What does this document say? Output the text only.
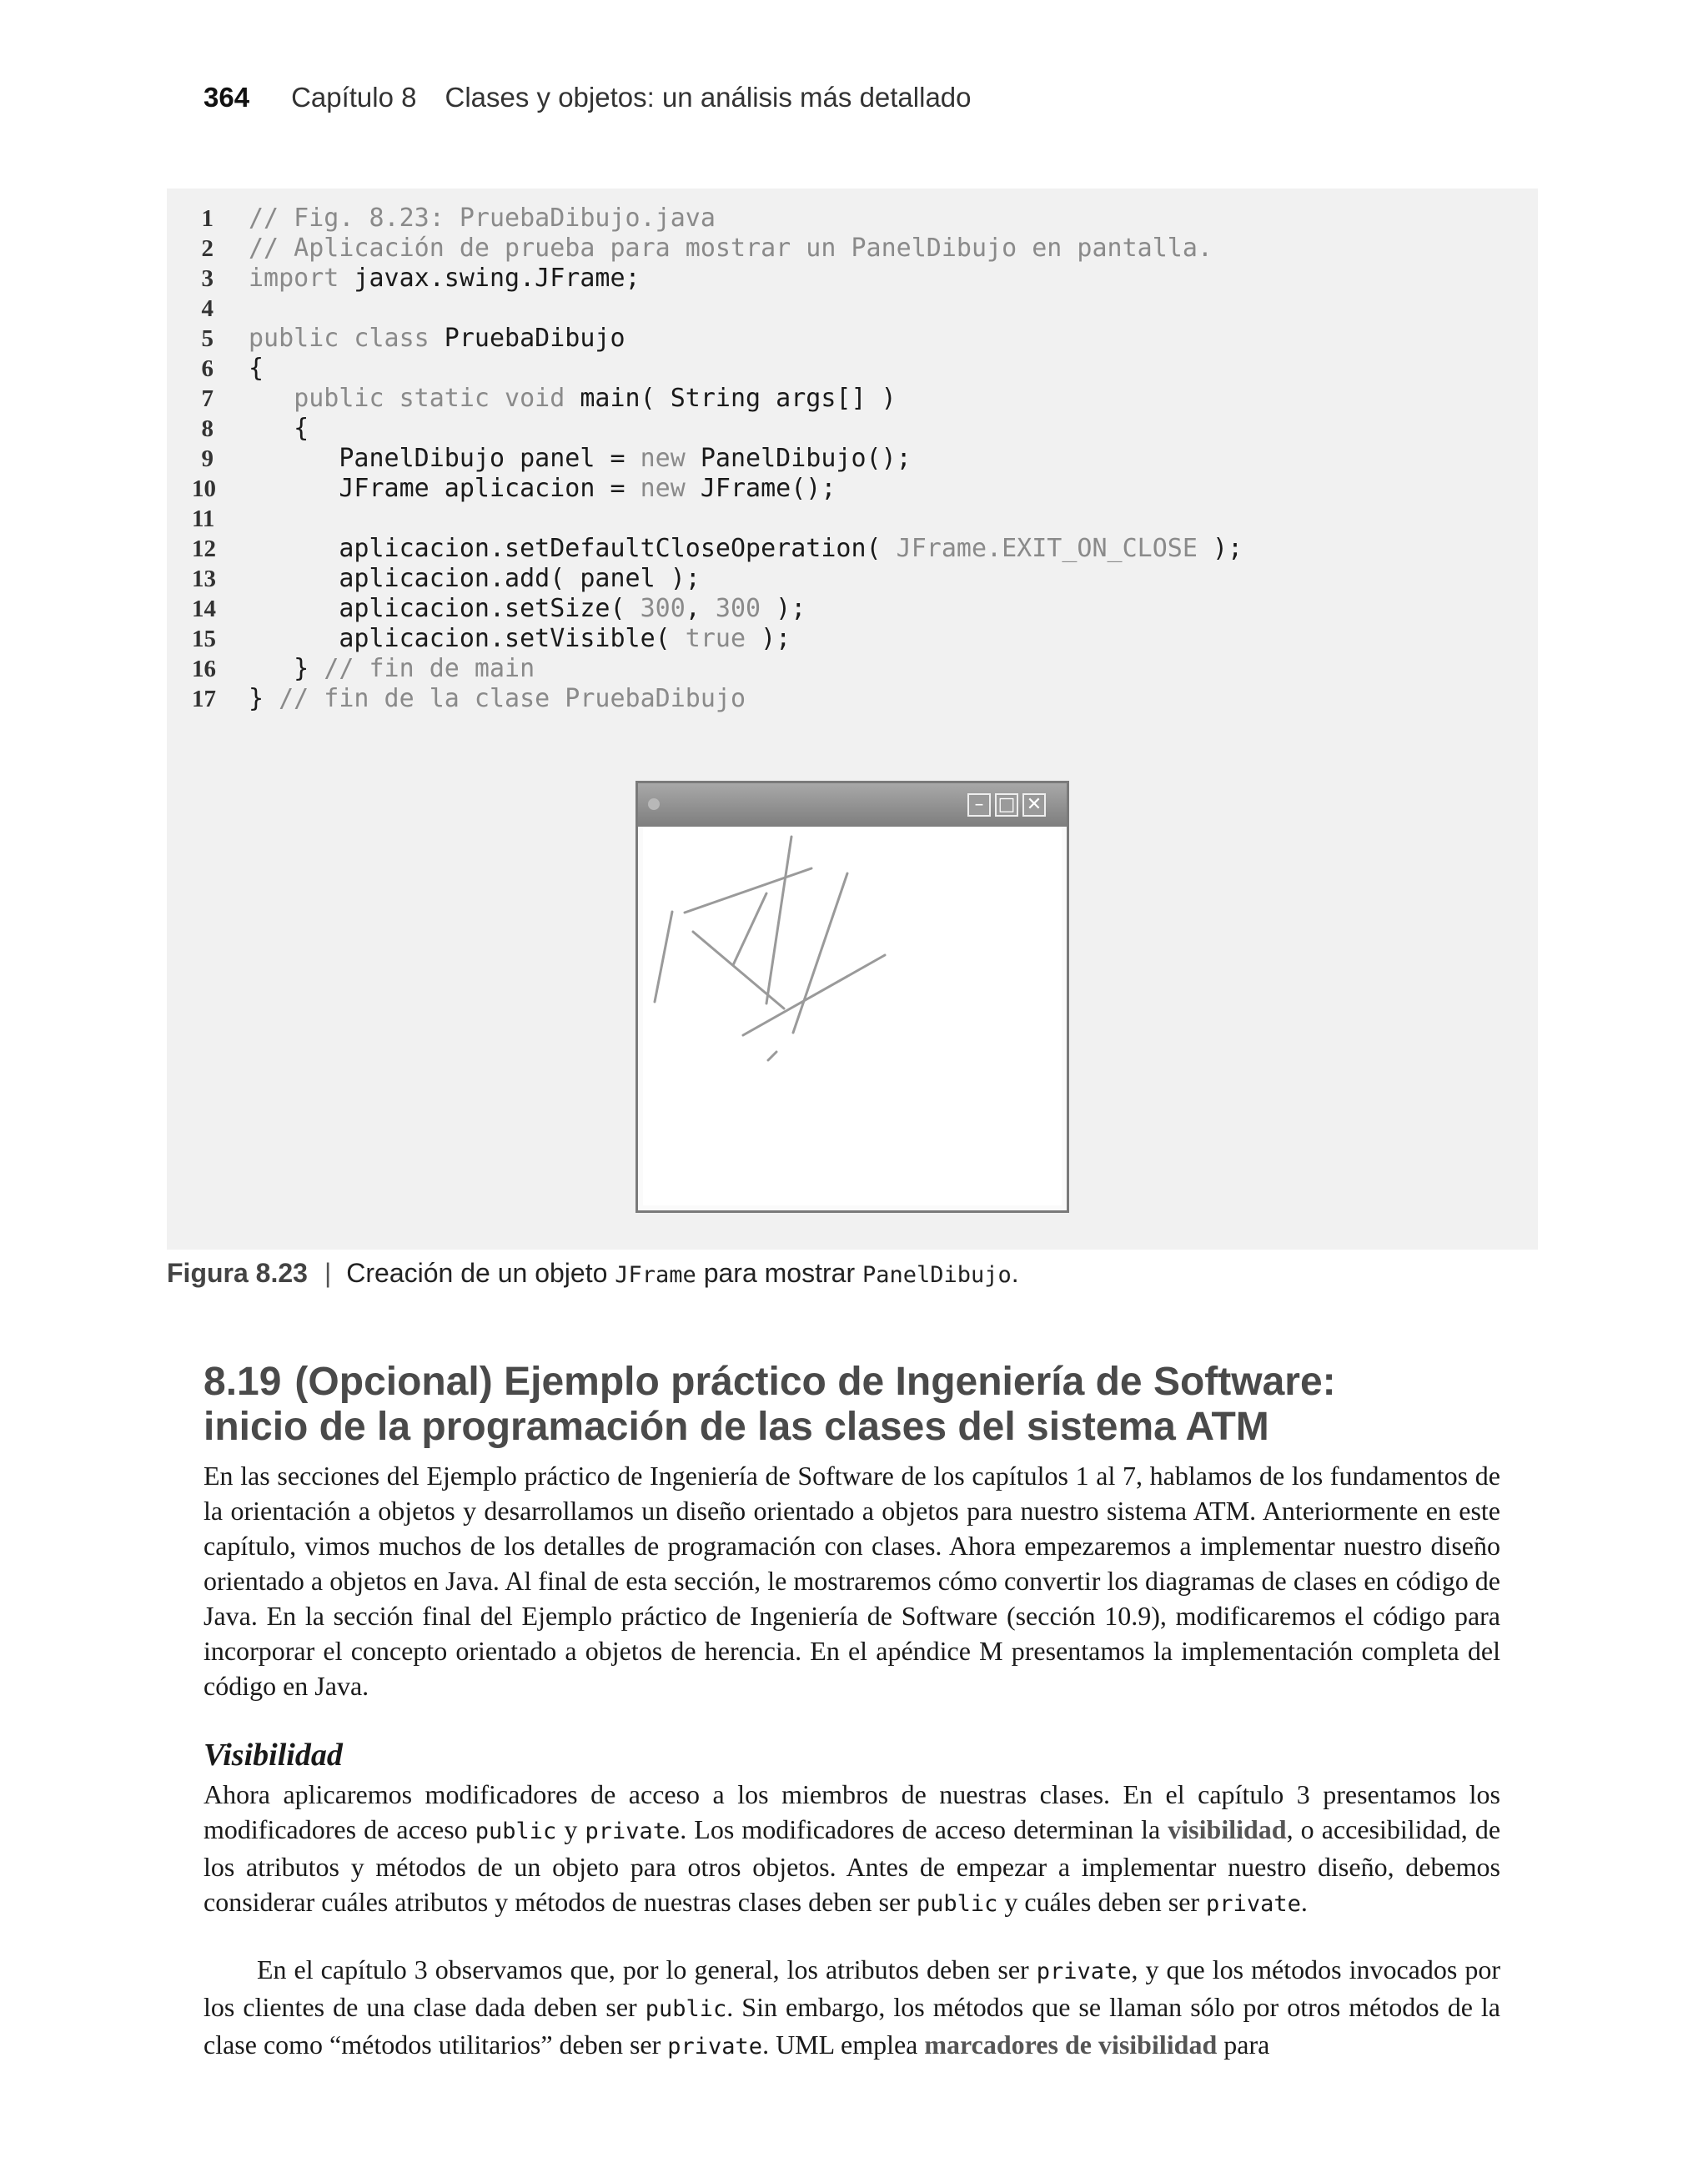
364 Capítulo 8 Clases y objetos: un análisis más detallado
1 // Fig. 8.23: PruebaDibujo.java
2 // Aplicación de prueba para mostrar un PanelDibujo en pantalla.
3 import javax.swing.JFrame;
4
5 public class PruebaDibujo
6 {
7	public static void main( String args[] )
8   {
9      PanelDibujo panel = new PanelDibujo();
10      JFrame aplicacion = new JFrame();
11
12      aplicacion.setDefaultCloseOperation( JFrame.EXIT_ON_CLOSE );
13      aplicacion.add( panel );
14      aplicacion.setSize( 300, 300 );
15      aplicacion.setVisible( true );
16   } // fin de main
17 } // fin de la clase PruebaDibujo
– □ ✕
Figura 8.23 | Creación de un objeto JFrame para mostrar PanelDibujo.
8.19 (Opcional) Ejemplo práctico de Ingeniería de Software:
inicio de la programación de las clases del sistema ATM

En las secciones del Ejemplo práctico de Ingeniería de Software de los capítulos 1 al 7, hablamos de los fundamentos de la orientación a objetos y desarrollamos un diseño orientado a objetos para nuestro sistema ATM. Anteriormente en este capítulo, vimos muchos de los detalles de programación con clases. Ahora empezaremos a implementar nuestro diseño orientado a objetos en Java. Al final de esta sección, le mostraremos cómo convertir los diagramas de clases en código de Java. En la sección final del Ejemplo práctico de Ingeniería de Software (sección 10.9), modificaremos el código para incorporar el concepto orientado a objetos de herencia. En el apéndice M presentamos la implementación completa del código en Java.

Visibilidad

Ahora aplicaremos modificadores de acceso a los miembros de nuestras clases. En el capítulo 3 presentamos los modificadores de acceso public y private. Los modificadores de acceso determinan la visibilidad, o accesibilidad, de los atributos y métodos de un objeto para otros objetos. Antes de empezar a implementar nuestro diseño, debemos considerar cuáles atributos y métodos de nuestras clases deben ser public y cuáles deben ser private.

En el capítulo 3 observamos que, por lo general, los atributos deben ser private, y que los métodos invocados por los clientes de una clase dada deben ser public. Sin embargo, los métodos que se llaman sólo por otros métodos de la clase como “métodos utilitarios” deben ser private. UML emplea marcadores de visibilidad para
